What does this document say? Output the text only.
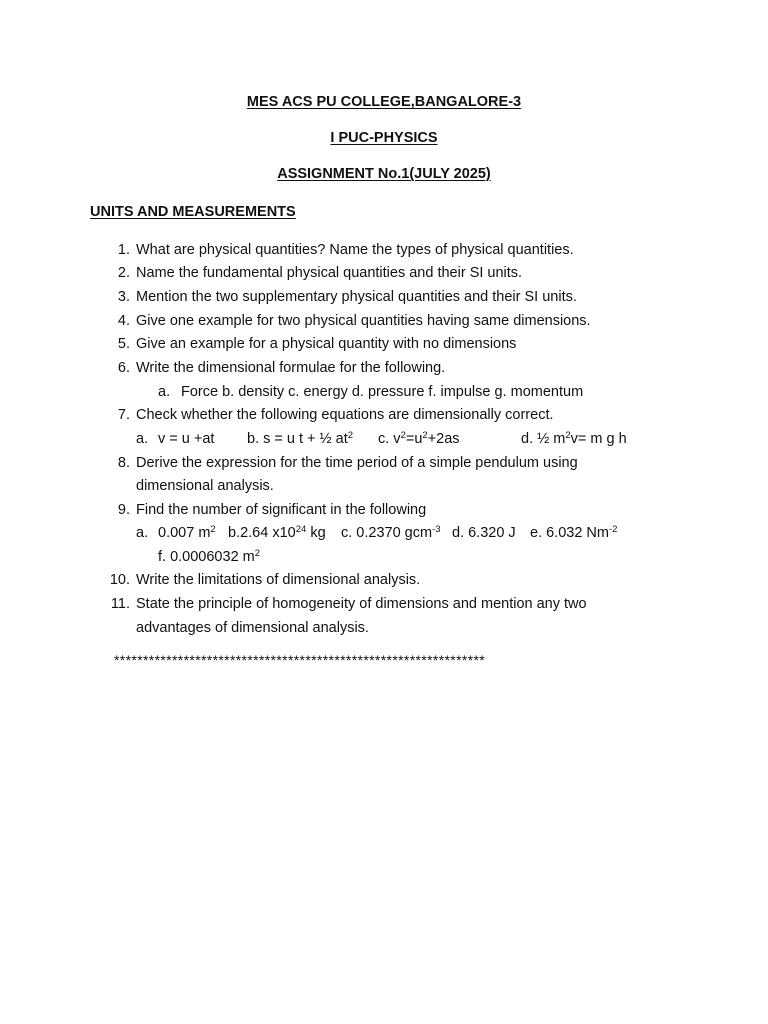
MES ACS PU COLLEGE,BANGALORE-3
I PUC-PHYSICS
ASSIGNMENT No.1(JULY 2025)
UNITS AND MEASUREMENTS
1. What are physical quantities? Name the types of physical quantities.
2. Name the fundamental physical quantities and their SI units.
3. Mention the two supplementary physical quantities and their SI units.
4. Give one example for two physical quantities having same dimensions.
5. Give an example for a physical quantity with no dimensions
6. Write the dimensional formulae for the following.
a. Force b. density c. energy d. pressure f. impulse g. momentum
7. Check whether the following equations are dimensionally correct.
a. v = u +at b. s = u t + ½ $at^2$ c. $v^2=u^2+2as$	d. ½ $m^2v= m$ g h
8. Derive the expression for the time period of a simple pendulum using
dimensional analysis.
9. Find the number of significant in the following
a. 0.007 $m^2$ b.2.64 $x10^{24}$ kg c. 0.2370 gcm$^{-3}$ d. 6.320 J e. 6.032 $Nm^{-2}$
f. 0.0006032 $m^2$
10. Write the limitations of dimensional analysis.
11. State the principle of homogeneity of dimensions and mention any two
advantages of dimensional analysis.
****************************************************************
